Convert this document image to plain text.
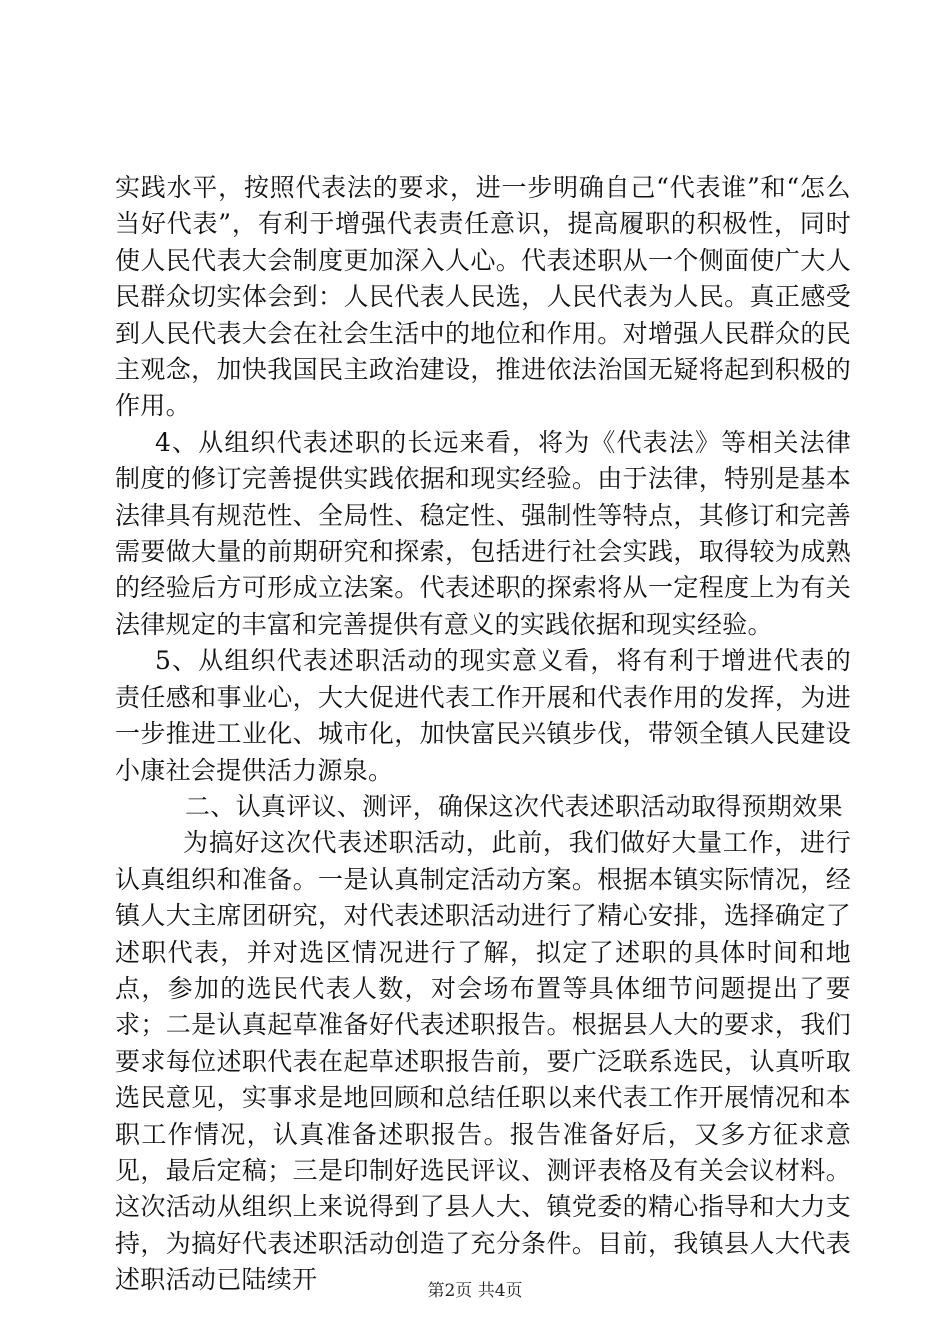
实践水平，按照代表法的要求，进一步明确自己“代表谁”和“怎么当好代表”，有利于增强代表责任意识，提高履职的积极性，同时使人民代表大会制度更加深入人心。代表述职从一个侧面使广大人民群众切实体会到：人民代表人民选，人民代表为人民。真正感受到人民代表大会在社会生活中的地位和作用。对增强人民群众的民主观念，加快我国民主政治建设，推进依法治国无疑将起到积极的作用。

4、从组织代表述职的长远来看，将为《代表法》等相关法律制度的修订完善提供实践依据和现实经验。由于法律，特别是基本法律具有规范性、全局性、稳定性、强制性等特点，其修订和完善需要做大量的前期研究和探索，包括进行社会实践，取得较为成熟的经验后方可形成立法案。代表述职的探索将从一定程度上为有关法律规定的丰富和完善提供有意义的实践依据和现实经验。

5、从组织代表述职活动的现实意义看，将有利于增进代表的责任感和事业心，大大促进代表工作开展和代表作用的发挥，为进一步推进工业化、城市化，加快富民兴镇步伐，带领全镇人民建设小康社会提供活力源泉。

二、认真评议、测评，确保这次代表述职活动取得预期效果

为搞好这次代表述职活动，此前，我们做好大量工作，进行认真组织和准备。一是认真制定活动方案。根据本镇实际情况，经镇人大主席团研究，对代表述职活动进行了精心安排，选择确定了述职代表，并对选区情况进行了解，拟定了述职的具体时间和地点，参加的选民代表人数，对会场布置等具体细节问题提出了要求；二是认真起草准备好代表述职报告。根据县人大的要求，我们要求每位述职代表在起草述职报告前，要广泛联系选民，认真听取选民意见，实事求是地回顾和总结任职以来代表工作开展情况和本职工作情况，认真准备述职报告。报告准备好后，又多方征求意见，最后定稿；三是印制好选民评议、测评表格及有关会议材料。这次活动从组织上来说得到了县人大、镇党委的精心指导和大力支持，为搞好代表述职活动创造了充分条件。目前，我镇县人大代表述职活动已陆续开	第2页 共4页
